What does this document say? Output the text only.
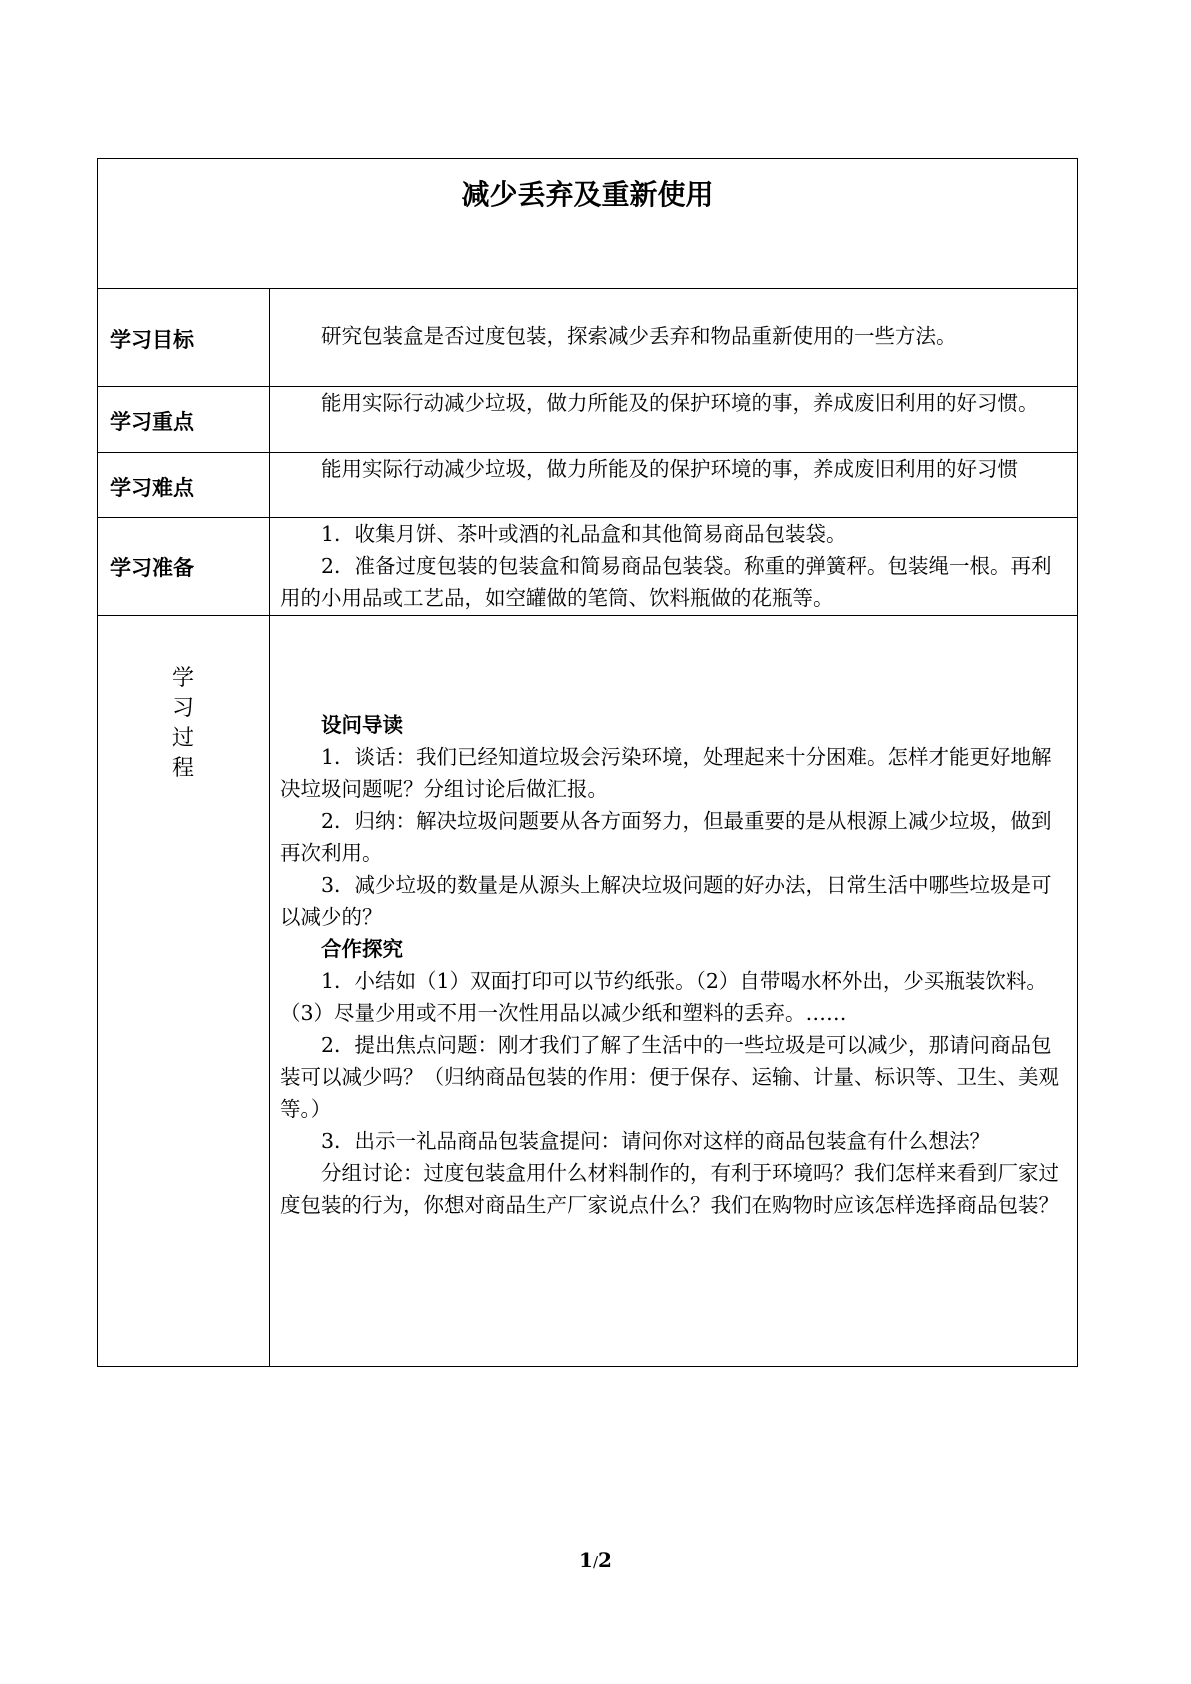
减少丢弃及重新使用
学习目标	研究包装盒是否过度包装，探索减少丢弃和物品重新使用的一些方法。

学习重点

能用实际行动减少垃圾，做力所能及的保护环境的事，养成废旧利用的好习惯。

学习难点

能用实际行动减少垃圾，做力所能及的保护环境的事，养成废旧利用的好习惯

学习准备

1．收集月饼、茶叶或酒的礼品盒和其他简易商品包装袋。

2．准备过度包装的包装盒和简易商品包装袋。称重的弹簧秤。包装绳一根。再利用的小用品或工艺品，如空罐做的笔筒、饮料瓶做的花瓶等。

学
习
过
程

设问导读

1．谈话：我们已经知道垃圾会污染环境，处理起来十分困难。怎样才能更好地解决垃圾问题呢？分组讨论后做汇报。

2．归纳：解决垃圾问题要从各方面努力，但最重要的是从根源上减少垃圾，做到再次利用。

3．减少垃圾的数量是从源头上解决垃圾问题的好办法，日常生活中哪些垃圾是可以减少的？

合作探究

1．小结如（1）双面打印可以节约纸张。（2）自带喝水杯外出，少买瓶装饮料。（3）尽量少用或不用一次性用品以减少纸和塑料的丢弃。……

2．提出焦点问题：刚才我们了解了生活中的一些垃圾是可以减少，那请问商品包装可以减少吗？（归纳商品包装的作用：便于保存、运输、计量、标识等、卫生、美观等。）

3．出示一礼品商品包装盒提问：请问你对这样的商品包装盒有什么想法？

分组讨论：过度包装盒用什么材料制作的，有利于环境吗？我们怎样来看到厂家过度包装的行为，你想对商品生产厂家说点什么？我们在购物时应该怎样选择商品包装？

1/2
